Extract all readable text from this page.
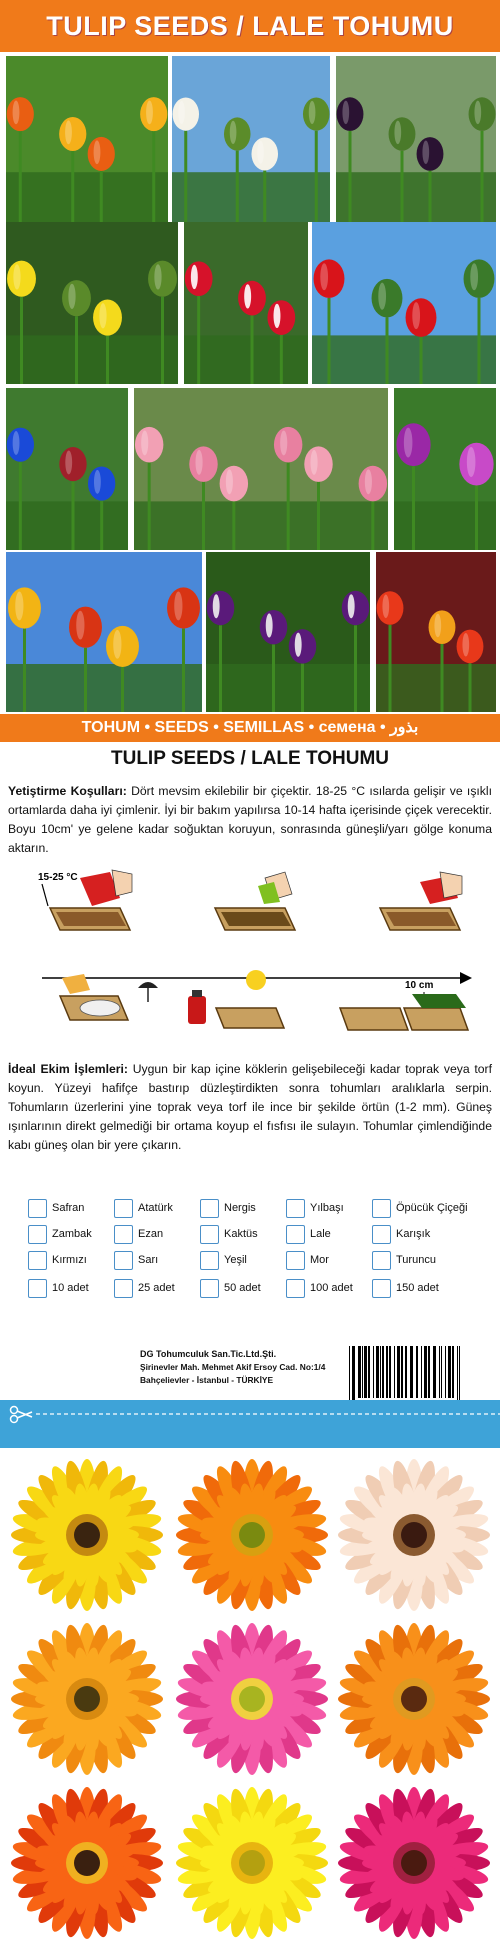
TULIP SEEDS / LALE TOHUMU
TOHUM • SEEDS • SEMILLAS • семена • بذور
TULIP SEEDS / LALE TOHUMU
Yetiştirme Koşulları: Dört mevsim ekilebilir bir çiçektir. 18-25 °C ısılarda gelişir ve ışıklı ortamlarda daha iyi çimlenir. İyi bir bakım yapılırsa 10-14 hafta içerisinde çiçek verecektir. Boyu 10cm' ye gelene kadar soğuktan koruyun, sonrasında güneşli/yarı gölge konuma aktarın.
15-25 °C
10 cm
İdeal Ekim İşlemleri: Uygun bir kap içine köklerin gelişebileceği kadar toprak veya torf koyun. Yüzeyi hafifçe bastırıp düzleştirdikten sonra tohumları aralıklarla serpin. Tohumların üzerlerini yine toprak veya torf ile ince bir şekilde örtün (1-2 mm). Güneş ışınlarının direkt gelmediği bir ortama koyup el fısfısı ile sulayın. Tohumlar çimlendiğinde kabı güneş olan bir yere çıkarın.
Safran	Atatürk	Nergis	Yılbaşı	Öpücük Çiçeği
Zambak	Ezan	Kaktüs	Lale	Karışık
Kırmızı	Sarı	Yeşil	Mor	Turuncu
10 adet	25 adet	50 adet	100 adet	150 adet
DG Tohumculuk San.Tic.Ltd.Şti.
Şirinevler Mah. Mehmet Akif Ersoy Cad. No:1/4
Bahçelievler - İstanbul - TÜRKİYE
